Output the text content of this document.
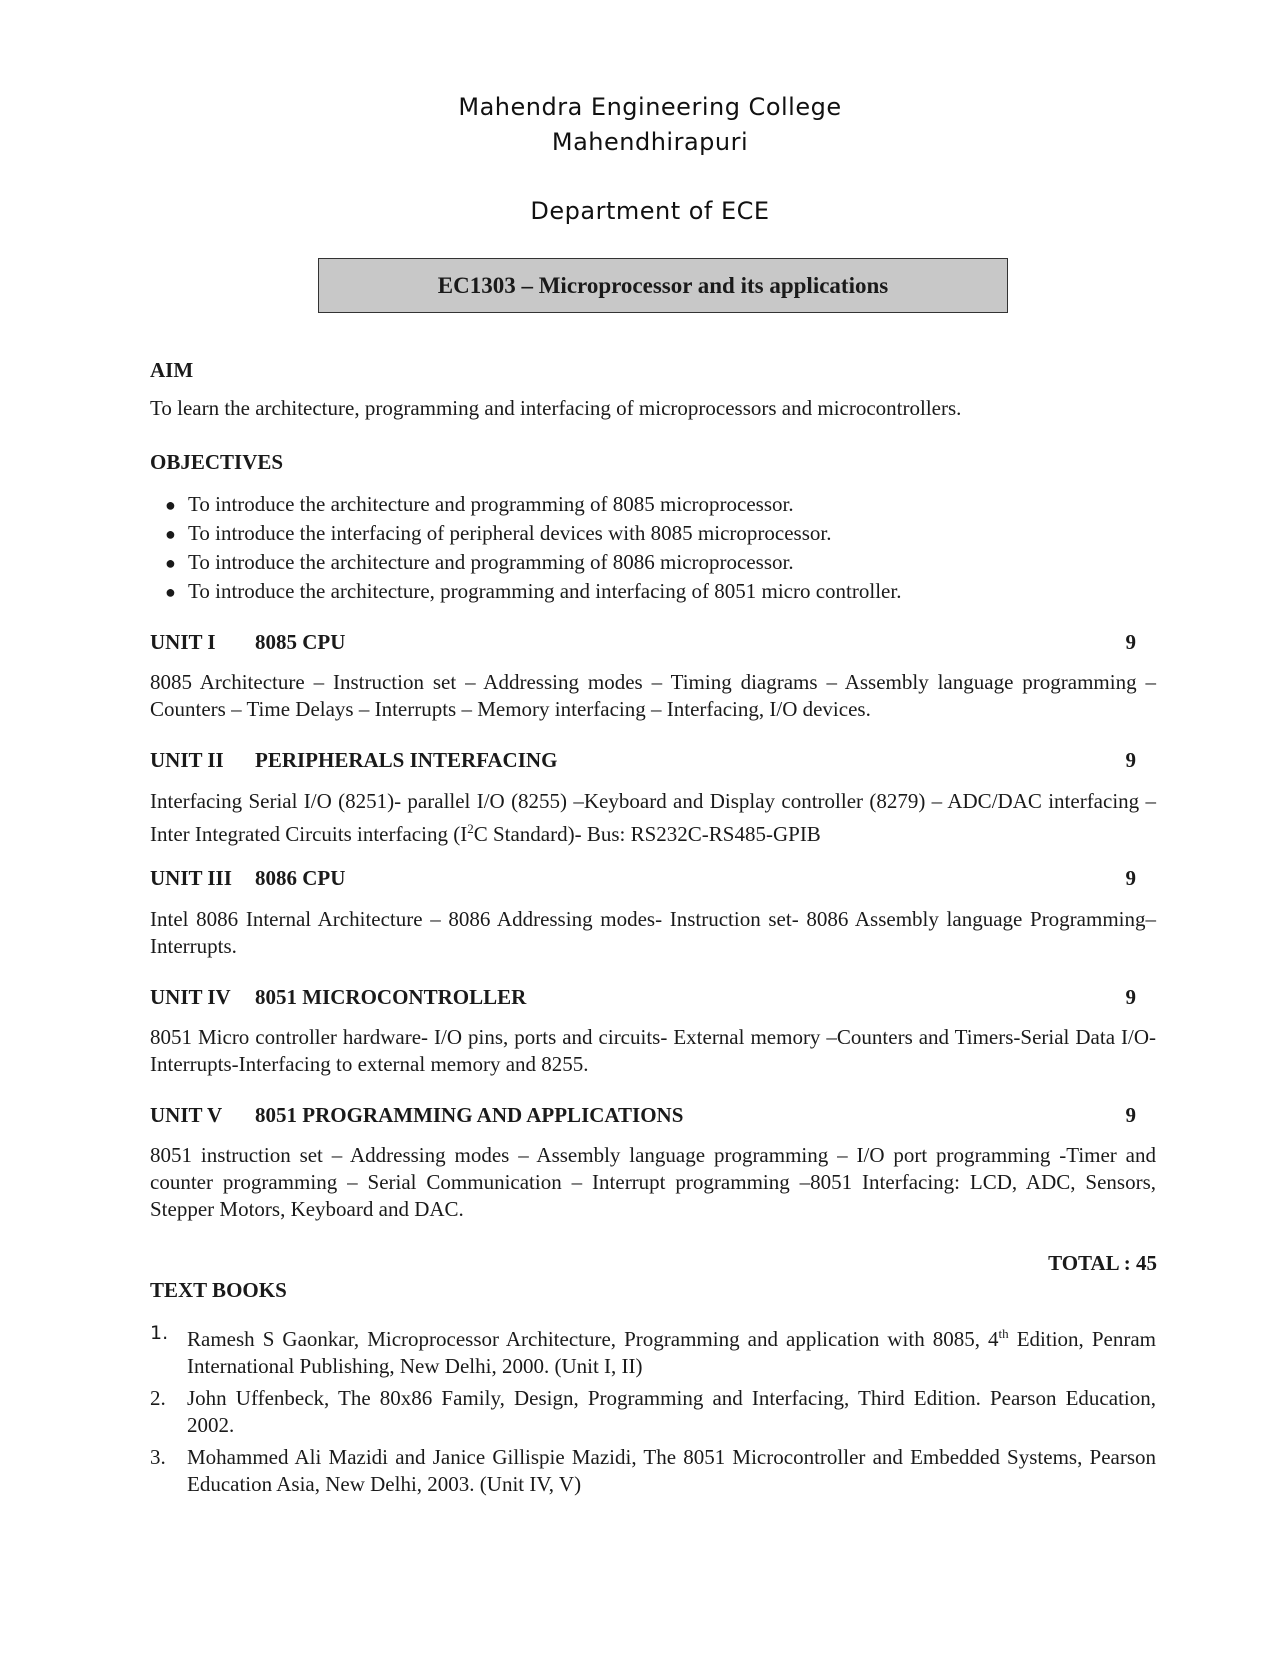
Mahendra Engineering College
Mahendhirapuri
Department of ECE
EC1303 – Microprocessor and its applications
AIM
To learn the architecture, programming and interfacing of microprocessors and microcontrollers.
OBJECTIVES
● To introduce the architecture and programming of 8085 microprocessor.
● To introduce the interfacing of peripheral devices with 8085 microprocessor.
● To introduce the architecture and programming of 8086 microprocessor.
● To introduce the architecture, programming and interfacing of 8051 micro controller.
UNIT I 8085 CPU	9
8085 Architecture – Instruction set – Addressing modes – Timing diagrams – Assembly language programming – Counters – Time Delays – Interrupts – Memory interfacing – Interfacing, I/O devices.
UNIT II PERIPHERALS INTERFACING	9
Interfacing Serial I/O (8251)- parallel I/O (8255) –Keyboard and Display controller (8279) – ADC/DAC interfacing – Inter Integrated Circuits interfacing ($I^2C$ Standard)- Bus: RS232C-RS485-GPIB
UNIT III 8086 CPU	9
Intel 8086 Internal Architecture – 8086 Addressing modes- Instruction set- 8086 Assembly language Programming–Interrupts.
UNIT IV 8051 MICROCONTROLLER	9
8051 Micro controller hardware- I/O pins, ports and circuits- External memory –Counters and Timers-Serial Data I/O- Interrupts-Interfacing to external memory and 8255.
UNIT V 8051 PROGRAMMING AND APPLICATIONS	9
8051 instruction set – Addressing modes – Assembly language programming – I/O port programming -Timer and counter programming – Serial Communication – Interrupt programming –8051 Interfacing: LCD, ADC, Sensors, Stepper Motors, Keyboard and DAC.
TOTAL : 45
TEXT BOOKS
1. Ramesh S Gaonkar, Microprocessor Architecture, Programming and application with 8085, 4th Edition, Penram International Publishing, New Delhi, 2000. (Unit I, II)
2.	John Uffenbeck, The 80x86 Family, Design, Programming and Interfacing, Third Edition. Pearson Education, 2002.
3.	Mohammed Ali Mazidi and Janice Gillispie Mazidi, The 8051 Microcontroller and Embedded Systems, Pearson Education Asia, New Delhi, 2003. (Unit IV, V)
